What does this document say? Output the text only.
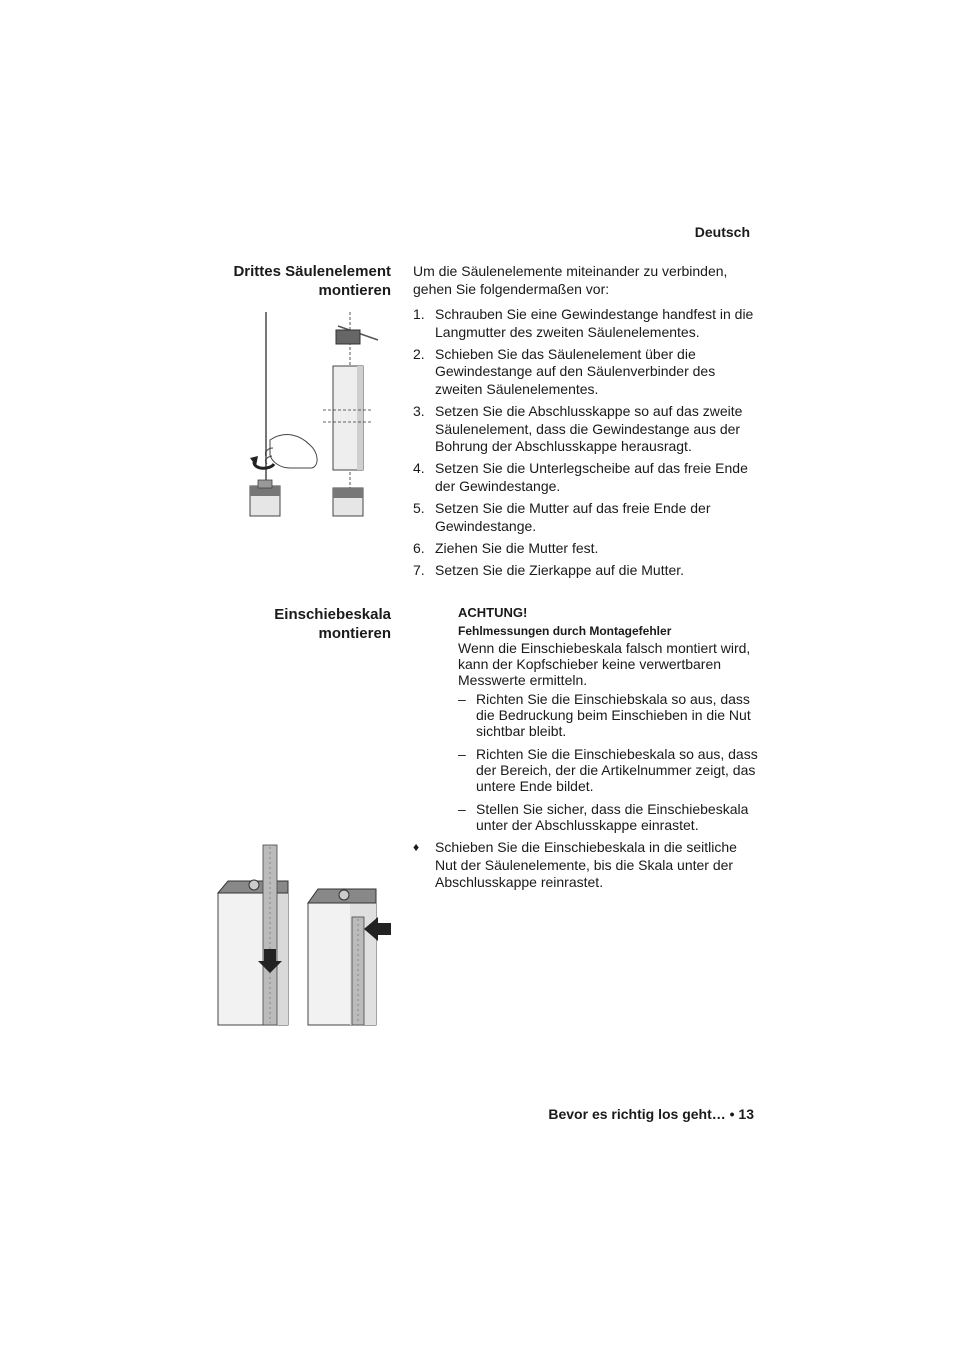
Deutsch
Drittes Säulenelement
montieren
Um die Säulenelemente miteinander zu verbinden, gehen Sie folgendermaßen vor:
1. Schrauben Sie eine Gewindestange handfest in die Langmutter des zweiten Säulenelementes.
2. Schieben Sie das Säulenelement über die Gewindestange auf den Säulenverbinder des zweiten Säulenelementes.
3. Setzen Sie die Abschlusskappe so auf das zweite Säulenelement, dass die Gewindestange aus der Bohrung der Abschlusskappe herausragt.
4. Setzen Sie die Unterlegscheibe auf das freie Ende der Gewindestange.
5. Setzen Sie die Mutter auf das freie Ende der Gewindestange.
6. Ziehen Sie die Mutter fest.
7. Setzen Sie die Zierkappe auf die Mutter.
Einschiebeskala
montieren
ACHTUNG!
Fehlmessungen durch Montagefehler
Wenn die Einschiebeskala falsch montiert wird, kann der Kopfschieber keine verwertbaren Messwerte ermitteln.
– Richten Sie die Einschiebskala so aus, dass die Bedruckung beim Einschieben in die Nut sichtbar bleibt.
– Richten Sie die Einschiebeskala so aus, dass der Bereich, der die Artikelnummer zeigt, das untere Ende bildet.
– Stellen Sie sicher, dass die Einschiebeskala unter der Abschlusskappe einrastet.
♦	Schieben Sie die Einschiebeskala in die seitliche Nut der Säulenelemente, bis die Skala unter der Abschlusskappe reinrastet.
Bevor es richtig los geht… • 13
